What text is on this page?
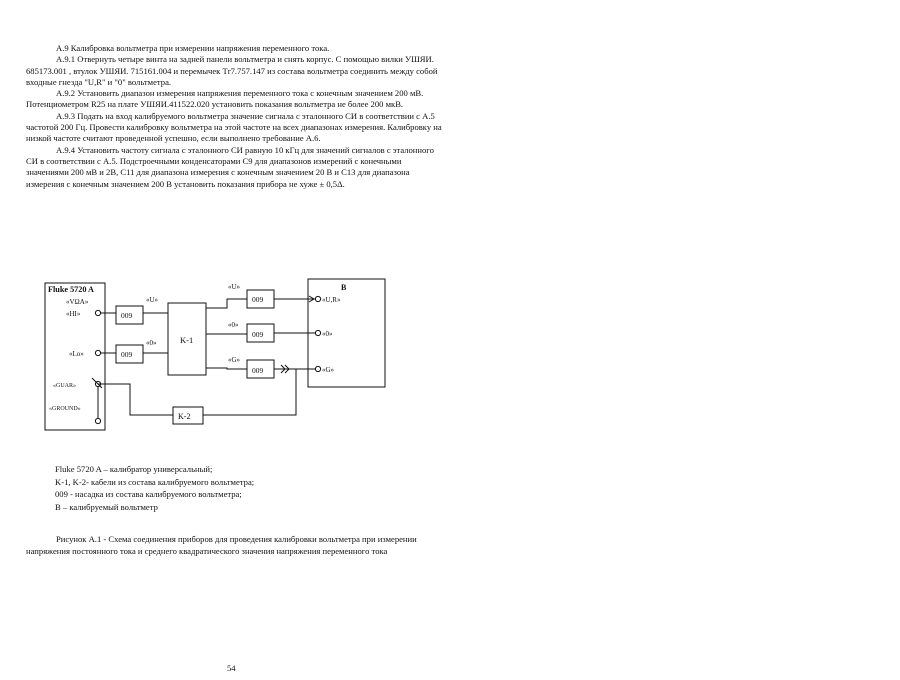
A.9 Калибровка вольтметра при измерении напряжения переменного тока.

A.9.1 Отвернуть четыре винта на задней панели вольтметра и снять корпус. С помощью вилки УШЯИ. 685173.001 , втулок УШЯИ. 715161.004 и перемычек Тr7.757.147 из состава вольтметра соединить между собой входные гнезда "U,R" и "0" вольтметра.

A.9.2 Установить диапазон измерения напряжения переменного тока с конечным значением 200 мВ. Потенциометром R25 на плате УШЯИ.411522.020 установить показания вольтметра не более 200 мкВ.

A.9.3 Подать на вход калибруемого вольтметра значение сигнала с эталонного СИ в соответствии с A.5 частотой 200 Гц. Провести калибровку вольтметра на этой частоте на всех диапазонах измерения. Калибровку на низкой частоте считают проведенной успешно, если выполнено требование A.6.

A.9.4 Установить частоту сигнала с эталонного СИ равную 10 кГц для значений сигналов с эталонного СИ в соответствии с A.5. Подстроечными конденсаторами C9 для диапазонов измерений с конечными значениями 200 мВ и 2В, C11 для диапазона измерения с конечным значением 20 В и C13 для диапазона измерения с конечным значением 200 В установить показания прибора не хуже ± 0,5Δ.

Fluke 5720 A
«VΩA»
«HI»
«Lo»
«GUAR»
«GROUND»
009
009
009
009
009
K-1
K-2
«U»
«0»
«U»
«0»
«G»
B
«U,R»
«0»
«G»
Fluke 5720 A – калибратор универсальный;
K-1, K-2- кабели из состава калибруемого вольтметра;
009 - насадка из состава калибруемого вольтметра;
B – калибруемый вольтметр
Рисунок A.1 - Схема соединения приборов для проведения калибровки вольтметра при измерении напряжения постоянного тока и среднего квадратического значения напряжения переменного тока
54
